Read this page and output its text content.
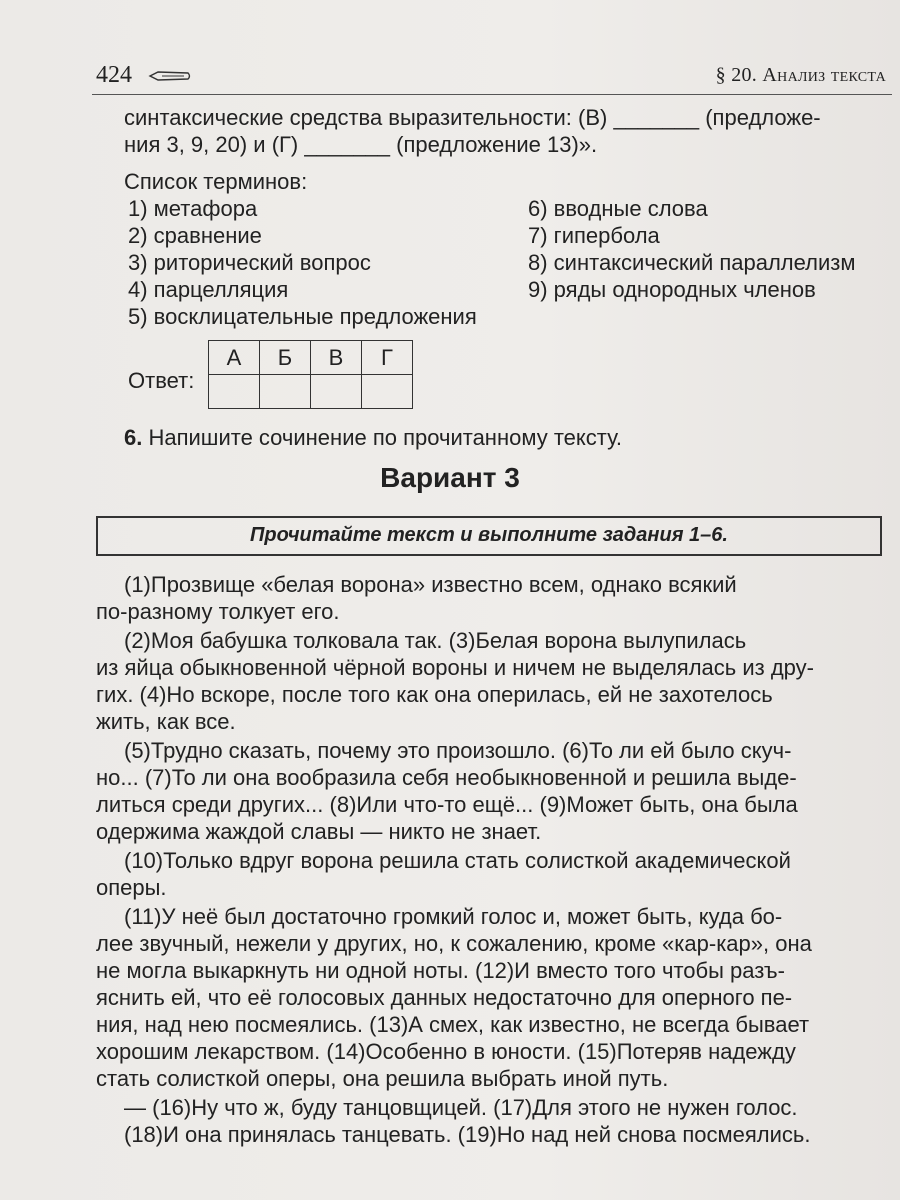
424	§ 20. Анализ текста
синтаксические средства выразительности: (В) _______ (предложе-
ния 3, 9, 20) и (Г) _______ (предложение 13)».
Список терминов:
1) метафора
2) сравнение
3) риторический вопрос
4) парцелляция
5) восклицательные предложения
6) вводные слова
7) гипербола
8) синтаксический параллелизм
9) ряды однородных членов
Ответ:
А	Б	В	Г

6. Напишите сочинение по прочитанному тексту.
Вариант 3
Прочитайте текст и выполните задания 1–6.
(1)Прозвище «белая ворона» известно всем, однако всякий
по-разному толкует его.
(2)Моя бабушка толковала так. (3)Белая ворона вылупилась
из яйца обыкновенной чёрной вороны и ничем не выделялась из дру-
гих. (4)Но вскоре, после того как она оперилась, ей не захотелось
жить, как все.
(5)Трудно сказать, почему это произошло. (6)То ли ей было скуч-
но... (7)То ли она вообразила себя необыкновенной и решила выде-
литься среди других... (8)Или что-то ещё... (9)Может быть, она была
одержима жаждой славы — никто не знает.
(10)Только вдруг ворона решила стать солисткой академической
оперы.
(11)У неё был достаточно громкий голос и, может быть, куда бо-
лее звучный, нежели у других, но, к сожалению, кроме «кар-кар», она
не могла выкаркнуть ни одной ноты. (12)И вместо того чтобы разъ-
яснить ей, что её голосовых данных недостаточно для оперного пе-
ния, над нею посмеялись. (13)А смех, как известно, не всегда бывает
хорошим лекарством. (14)Особенно в юности. (15)Потеряв надежду
стать солисткой оперы, она решила выбрать иной путь.
— (16)Ну что ж, буду танцовщицей. (17)Для этого не нужен голос.
(18)И она принялась танцевать. (19)Но над ней снова посмеялись.
